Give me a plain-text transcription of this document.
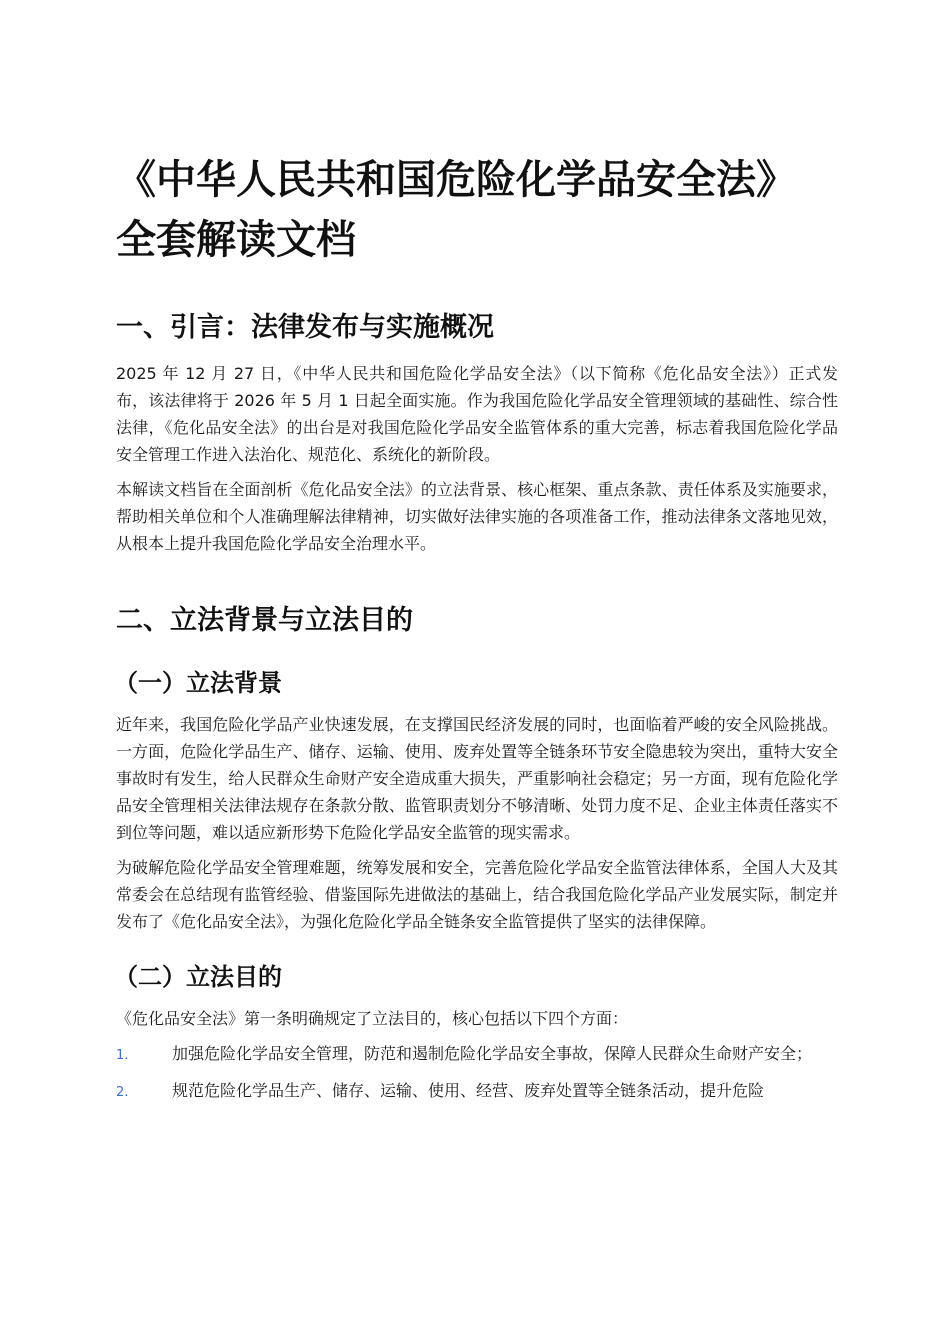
《中华人民共和国危险化学品安全法》
全套解读文档
一、引言：法律发布与实施概况

2025 年 12 月 27 日，《中华人民共和国危险化学品安全法》（以下简称《危化品安全法》）正式发布，该法律将于 2026 年 5 月 1 日起全面实施。作为我国危险化学品安全管理领域的基础性、综合性法律，《危化品安全法》的出台是对我国危险化学品安全监管体系的重大完善，标志着我国危险化学品安全管理工作进入法治化、规范化、系统化的新阶段。

本解读文档旨在全面剖析《危化品安全法》的立法背景、核心框架、重点条款、责任体系及实施要求，帮助相关单位和个人准确理解法律精神，切实做好法律实施的各项准备工作，推动法律条文落地见效，从根本上提升我国危险化学品安全治理水平。

二、立法背景与立法目的
（一）立法背景

近年来，我国危险化学品产业快速发展，在支撑国民经济发展的同时，也面临着严峻的安全风险挑战。一方面，危险化学品生产、储存、运输、使用、废弃处置等全链条环节安全隐患较为突出，重特大安全事故时有发生，给人民群众生命财产安全造成重大损失，严重影响社会稳定；另一方面，现有危险化学品安全管理相关法律法规存在条款分散、监管职责划分不够清晰、处罚力度不足、企业主体责任落实不到位等问题，难以适应新形势下危险化学品安全监管的现实需求。

为破解危险化学品安全管理难题，统筹发展和安全，完善危险化学品安全监管法律体系，全国人大及其常委会在总结现有监管经验、借鉴国际先进做法的基础上，结合我国危险化学品产业发展实际，制定并发布了《危化品安全法》，为强化危险化学品全链条安全监管提供了坚实的法律保障。

（二）立法目的

《危化品安全法》第一条明确规定了立法目的，核心包括以下四个方面：

1.	加强危险化学品安全管理，防范和遏制危险化学品安全事故，保障人民群众生命财产安全；
2.	规范危险化学品生产、储存、运输、使用、经营、废弃处置等全链条活动，提升危险
